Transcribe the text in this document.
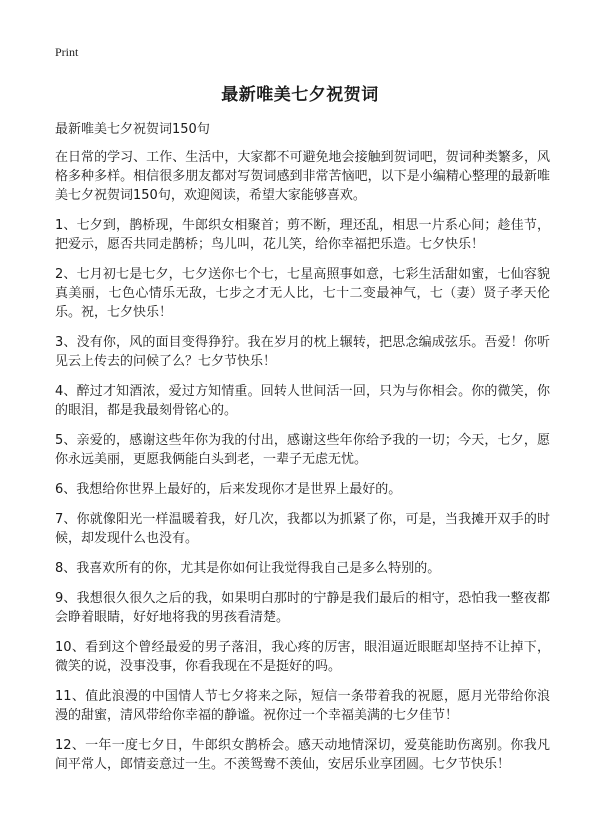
Print
最新唯美七夕祝贺词

最新唯美七夕祝贺词150句

在日常的学习、工作、生活中，大家都不可避免地会接触到贺词吧，贺词种类繁多，风格多种多样。相信很多朋友都对写贺词感到非常苦恼吧，以下是小编精心整理的最新唯美七夕祝贺词150句，欢迎阅读，希望大家能够喜欢。

1、七夕到，鹊桥现，牛郎织女相聚首；剪不断，理还乱，相思一片系心间；趁佳节，把爱示，愿否共同走鹊桥；鸟儿叫，花儿笑，给你幸福把乐造。七夕快乐！

2、七月初七是七夕，七夕送你七个七，七星高照事如意，七彩生活甜如蜜，七仙容貌真美丽，七色心情乐无敌，七步之才无人比，七十二变最神气，七（妻）贤子孝天伦乐。祝，七夕快乐！

3、没有你，风的面目变得狰狞。我在岁月的枕上辗转，把思念编成弦乐。吾爱！你听见云上传去的问候了么？七夕节快乐！

4、醉过才知酒浓，爱过方知情重。回转人世间活一回，只为与你相会。你的微笑，你的眼泪，都是我最刻骨铭心的。

5、亲爱的，感谢这些年你为我的付出，感谢这些年你给予我的一切；今天，七夕，愿你永远美丽，更愿我俩能白头到老，一辈子无虑无忧。

6、我想给你世界上最好的，后来发现你才是世界上最好的。

7、你就像阳光一样温暖着我，好几次，我都以为抓紧了你，可是，当我摊开双手的时候，却发现什么也没有。

8、我喜欢所有的你，尤其是你如何让我觉得我自己是多么特别的。

9、我想很久很久之后的我，如果明白那时的宁静是我们最后的相守，恐怕我一整夜都会睁着眼睛，好好地将我的男孩看清楚。

10、看到这个曾经最爱的男子落泪，我心疼的厉害，眼泪逼近眼眶却坚持不让掉下，微笑的说，没事没事，你看我现在不是挺好的吗。

11、值此浪漫的中国情人节七夕将来之际，短信一条带着我的祝愿，愿月光带给你浪漫的甜蜜，清风带给你幸福的静谧。祝你过一个幸福美满的七夕佳节！

12、一年一度七夕日，牛郎织女鹊桥会。感天动地情深切，爱莫能助伤离别。你我凡间平常人，郎情妾意过一生。不羡鸳鸯不羡仙，安居乐业享团圆。七夕节快乐！
